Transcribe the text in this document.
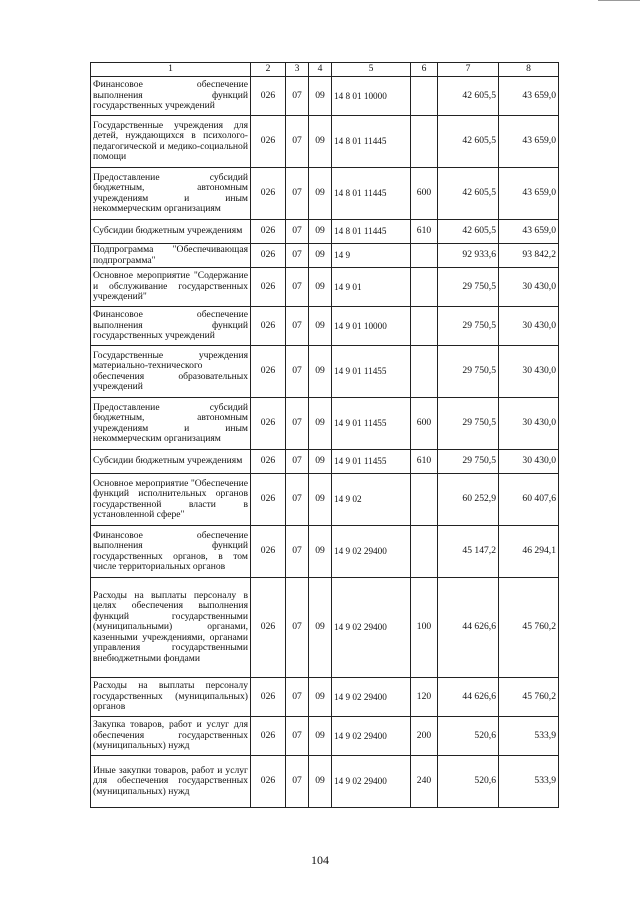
1	2	3	4	5	6	7	8
Финансовое обеспечение выполнения функций государственных учреждений	026	07	09	14 8 01 10000		42 605,5	43 659,0
Государственные учреждения для детей, нуждающихся в психолого-педагогической и медико-социальной помощи	026	07	09	14 8 01 11445		42 605,5	43 659,0
Предоставление субсидий бюджетным, автономным учреждениям и иным некоммерческим организациям	026	07	09	14 8 01 11445	600	42 605,5	43 659,0
Субсидии бюджетным учреждениям	026	07	09	14 8 01 11445	610	42 605,5	43 659,0
Подпрограмма "Обеспечивающая подпрограмма"	026	07	09	14 9		92 933,6	93 842,2
Основное мероприятие "Содержание и обслуживание государственных учреждений"	026	07	09	14 9 01		29 750,5	30 430,0
Финансовое обеспечение выполнения функций государственных учреждений	026	07	09	14 9 01 10000		29 750,5	30 430,0
Государственные учреждения материально-технического обеспечения образовательных учреждений	026	07	09	14 9 01 11455		29 750,5	30 430,0
Предоставление субсидий бюджетным, автономным учреждениям и иным некоммерческим организациям	026	07	09	14 9 01 11455	600	29 750,5	30 430,0
Субсидии бюджетным учреждениям	026	07	09	14 9 01 11455	610	29 750,5	30 430,0
Основное мероприятие "Обеспечение функций исполнительных органов государственной власти в установленной сфере"	026	07	09	14 9 02		60 252,9	60 407,6
Финансовое обеспечение выполнения функций государственных органов, в том числе территориальных органов	026	07	09	14 9 02 29400		45 147,2	46 294,1
Расходы на выплаты персоналу в целях обеспечения выполнения функций государственными (муниципальными) органами, казенными учреждениями, органами управления государственными внебюджетными фондами	026	07	09	14 9 02 29400	100	44 626,6	45 760,2
Расходы на выплаты персоналу государственных (муниципальных) органов	026	07	09	14 9 02 29400	120	44 626,6	45 760,2
Закупка товаров, работ и услуг для обеспечения государственных (муниципальных) нужд	026	07	09	14 9 02 29400	200	520,6	533,9
Иные закупки товаров, работ и услуг для обеспечения государственных (муниципальных) нужд	026	07	09	14 9 02 29400	240	520,6	533,9
104
